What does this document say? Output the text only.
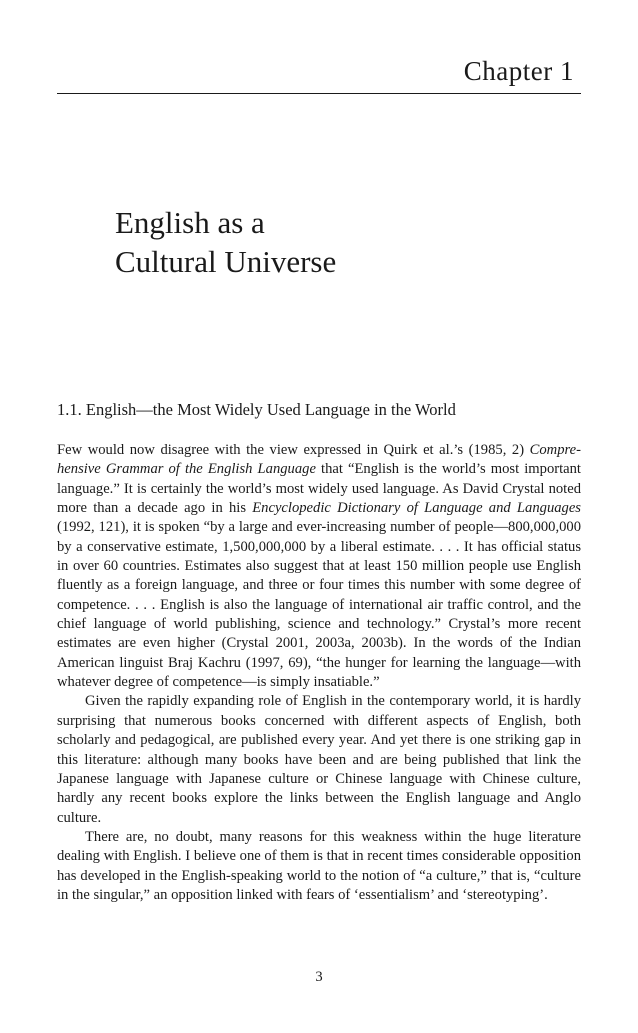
Chapter 1
English as a
Cultural Universe
1.1. English—the Most Widely Used Language in the World

Few would now disagree with the view expressed in Quirk et al.’s (1985, 2) Comprehensive Grammar of the English Language that “English is the world’s most important language.” It is certainly the world’s most widely used language. As David Crystal noted more than a decade ago in his Encyclopedic Dictionary of Language and Languages (1992, 121), it is spoken “by a large and ever-increasing number of people—800,000,000 by a conservative estimate, 1,500,000,000 by a liberal estimate. . . . It has official status in over 60 countries. Estimates also suggest that at least 150 million people use English fluently as a foreign language, and three or four times this number with some degree of competence. . . . English is also the language of international air traffic control, and the chief language of world publishing, science and technology.” Crystal’s more recent estimates are even higher (Crystal 2001, 2003a, 2003b). In the words of the Indian American linguist Braj Kachru (1997, 69), “the hunger for learning the language—with whatever degree of competence—is simply insatiable.”

Given the rapidly expanding role of English in the contemporary world, it is hardly surprising that numerous books concerned with different aspects of English, both scholarly and pedagogical, are published every year. And yet there is one striking gap in this literature: although many books have been and are being published that link the Japanese language with Japanese culture or Chinese language with Chinese culture, hardly any recent books explore the links between the English language and Anglo culture.

There are, no doubt, many reasons for this weakness within the huge literature dealing with English. I believe one of them is that in recent times considerable opposition has developed in the English-speaking world to the notion of “a culture,” that is, “culture in the singular,” an opposition linked with fears of ‘essentialism’ and ‘stereotyping’.

3
